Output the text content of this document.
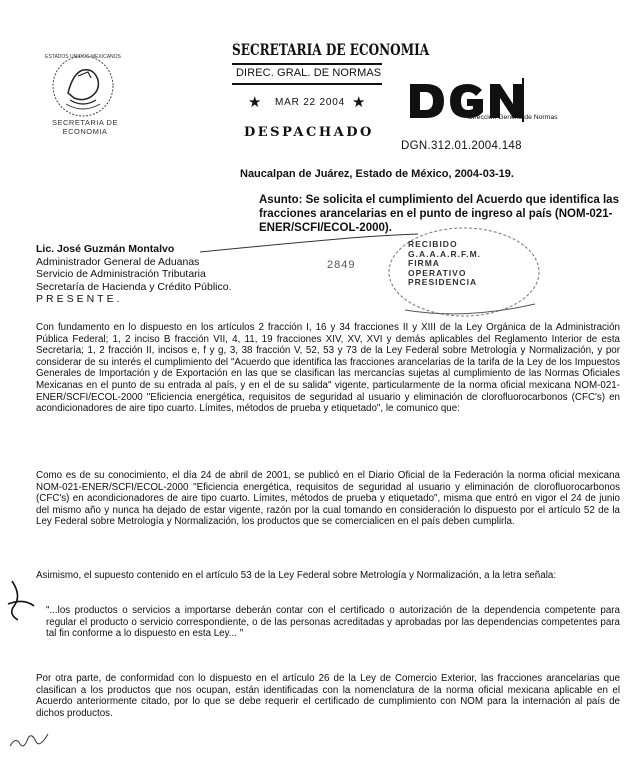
ESTADOS UNIDOS MEXICANOS
SECRETARIA DE
ECONOMIA
SECRETARIA DE ECONOMIA
DIREC. GRAL. DE NORMAS
★ MAR 22 2004 ★
DESPACHADO
Dirección General de Normas
DGN.312.01.2004.148
Naucalpan de Juárez, Estado de México, 2004-03-19.
Asunto: Se solicita el cumplimiento del Acuerdo que identifica las fracciones arancelarias en el punto de ingreso al país (NOM-021-ENER/SCFI/ECOL-2000).
Lic. José Guzmán Montalvo
Administrador General de Aduanas
Servicio de Administración Tributaria
Secretaría de Hacienda y Crédito Público.
PRESENTE.
2849
RECIBIDO
G.A.A.A.R.F.M.
FIRMA
OPERATIVO
PRESIDENCIA
Con fundamento en lo dispuesto en los artículos 2 fracción I, 16 y 34 fracciones II y XIII de la Ley Orgánica de la Administración Pública Federal; 1, 2 inciso B fracción VII, 4, 11, 19 fracciones XIV, XV, XVI y demás aplicables del Reglamento Interior de esta Secretaría; 1, 2 fracción II, incisos e, f y g, 3, 38 fracción V, 52, 53 y 73 de la Ley Federal sobre Metrología y Normalización, y por considerar de su interés el cumplimiento del "Acuerdo que identifica las fracciones arancelarias de la tarifa de la Ley de los Impuestos Generales de Importación y de Exportación en las que se clasifican las mercancías sujetas al cumplimiento de las Normas Oficiales Mexicanas en el punto de su entrada al país, y en el de su salida" vigente, particularmente de la norma oficial mexicana NOM-021-ENER/SCFI/ECOL-2000 "Eficiencia energética, requisitos de seguridad al usuario y eliminación de clorofluorocarbonos (CFC's) en acondicionadores de aire tipo cuarto. Límites, métodos de prueba y etiquetado", le comunico que:
Como es de su conocimiento, el día 24 de abril de 2001, se publicó en el Diario Oficial de la Federación la norma oficial mexicana NOM-021-ENER/SCFI/ECOL-2000 "Eficiencia energética, requisitos de seguridad al usuario y eliminación de clorofluorocarbonos (CFC's) en acondicionadores de aire tipo cuarto. Límites, métodos de prueba y etiquetado", misma que entró en vigor el 24 de junio del mismo año y nunca ha dejado de estar vigente, razón por la cual tomando en consideración lo dispuesto por el artículo 52 de la Ley Federal sobre Metrología y Normalización, los productos que se comercialicen en el país deben cumplirla.
Asimismo, el supuesto contenido en el artículo 53 de la Ley Federal sobre Metrología y Normalización, a la letra señala:
"...los productos o servicios a importarse deberán contar con el certificado o autorización de la dependencia competente para regular el producto o servicio correspondiente, o de las personas acreditadas y aprobadas por las dependencias competentes para tal fin conforme a lo dispuesto en esta Ley... "
Por otra parte, de conformidad con lo dispuesto en el artículo 26 de la Ley de Comercio Exterior, las fracciones arancelarias que clasifican a los productos que nos ocupan, están identificadas con la nomenclatura de la norma oficial mexicana aplicable en el Acuerdo anteriormente citado, por lo que se debe requerir el certificado de cumplimiento con NOM para la internación al país de dichos productos.
